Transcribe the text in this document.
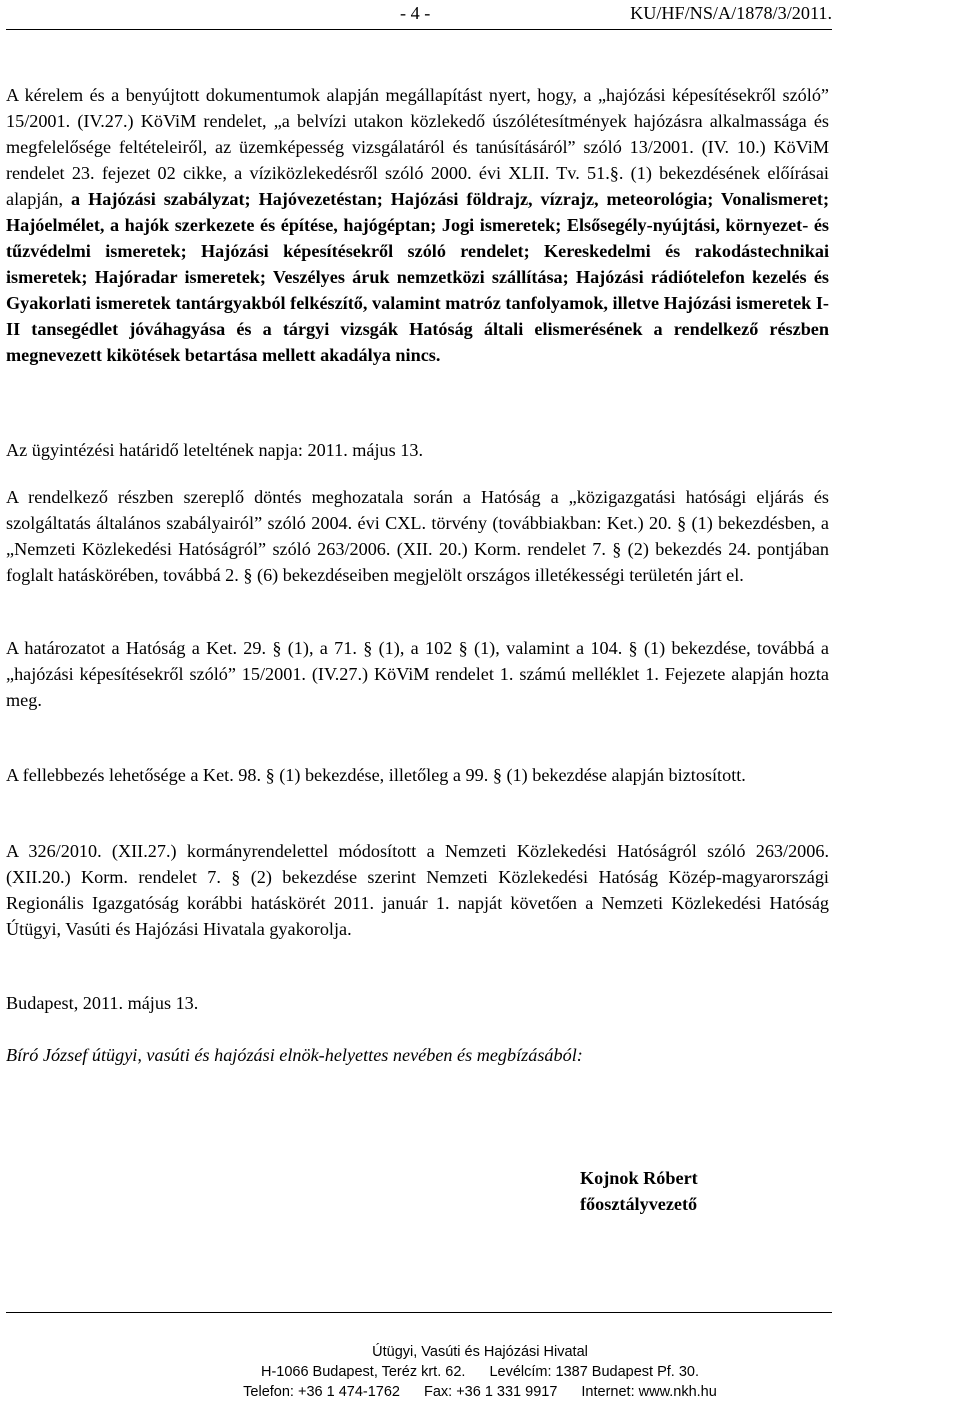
- 4 -	KU/HF/NS/A/1878/3/2011.

A kérelem és a benyújtott dokumentumok alapján megállapítást nyert, hogy, a „hajózási képesítésekről szóló” 15/2001. (IV.27.) KöViM rendelet, „a belvízi utakon közlekedő úszólétesítmények hajózásra alkalmassága és megfelelősége feltételeiről, az üzemképesség vizsgálatáról és tanúsításáról” szóló 13/2001. (IV. 10.) KöViM rendelet 23. fejezet 02 cikke, a víziközlekedésről szóló 2000. évi XLII. Tv. 51.§. (1) bekezdésének előírásai alapján, a Hajózási szabályzat; Hajóvezetéstan; Hajózási földrajz, vízrajz, meteorológia; Vonalismeret; Hajóelmélet, a hajók szerkezete és építése, hajógéptan; Jogi ismeretek; Elsősegély-nyújtási, környezet- és tűzvédelmi ismeretek; Hajózási képesítésekről szóló rendelet; Kereskedelmi és rakodástechnikai ismeretek; Hajóradar ismeretek; Veszélyes áruk nemzetközi szállítása; Hajózási rádiótelefon kezelés és Gyakorlati ismeretek tantárgyakból felkészítő, valamint matróz tanfolyamok, illetve Hajózási ismeretek I-II tansegédlet jóváhagyása és a tárgyi vizsgák Hatóság általi elismerésének a rendelkező részben megnevezett kikötések betartása mellett akadálya nincs.

Az ügyintézési határidő leteltének napja: 2011. május 13.

A rendelkező részben szereplő döntés meghozatala során a Hatóság a „közigazgatási hatósági eljárás és szolgáltatás általános szabályairól” szóló 2004. évi CXL. törvény (továbbiakban: Ket.) 20. § (1) bekezdésben, a „Nemzeti Közlekedési Hatóságról” szóló 263/2006. (XII. 20.) Korm. rendelet 7. § (2) bekezdés 24. pontjában foglalt hatáskörében, továbbá 2. § (6) bekezdéseiben megjelölt országos illetékességi területén járt el.

A határozatot a Hatóság a Ket. 29. § (1), a 71. § (1), a 102 § (1), valamint a 104. § (1) bekezdése, továbbá a „hajózási képesítésekről szóló” 15/2001. (IV.27.) KöViM rendelet 1. számú melléklet 1. Fejezete alapján hozta meg.

A fellebbezés lehetősége a Ket. 98. § (1) bekezdése, illetőleg a 99. § (1) bekezdése alapján biztosított.

A 326/2010. (XII.27.) kormányrendelettel módosított a Nemzeti Közlekedési Hatóságról szóló 263/2006. (XII.20.) Korm. rendelet 7. § (2) bekezdése szerint Nemzeti Közlekedési Hatóság Közép-magyarországi Regionális Igazgatóság korábbi hatáskörét 2011. január 1. napját követően a Nemzeti Közlekedési Hatóság Útügyi, Vasúti és Hajózási Hivatala gyakorolja.

Budapest, 2011. május 13.

Bíró József útügyi, vasúti és hajózási elnök-helyettes nevében és megbízásából:

Kojnok Róbert
főosztályvezető
Útügyi, Vasúti és Hajózási Hivatal
H-1066 Budapest, Teréz krt. 62. Levélcím: 1387 Budapest Pf. 30.
Telefon: +36 1 474-1762 Fax: +36 1 331 9917 Internet: www.nkh.hu
